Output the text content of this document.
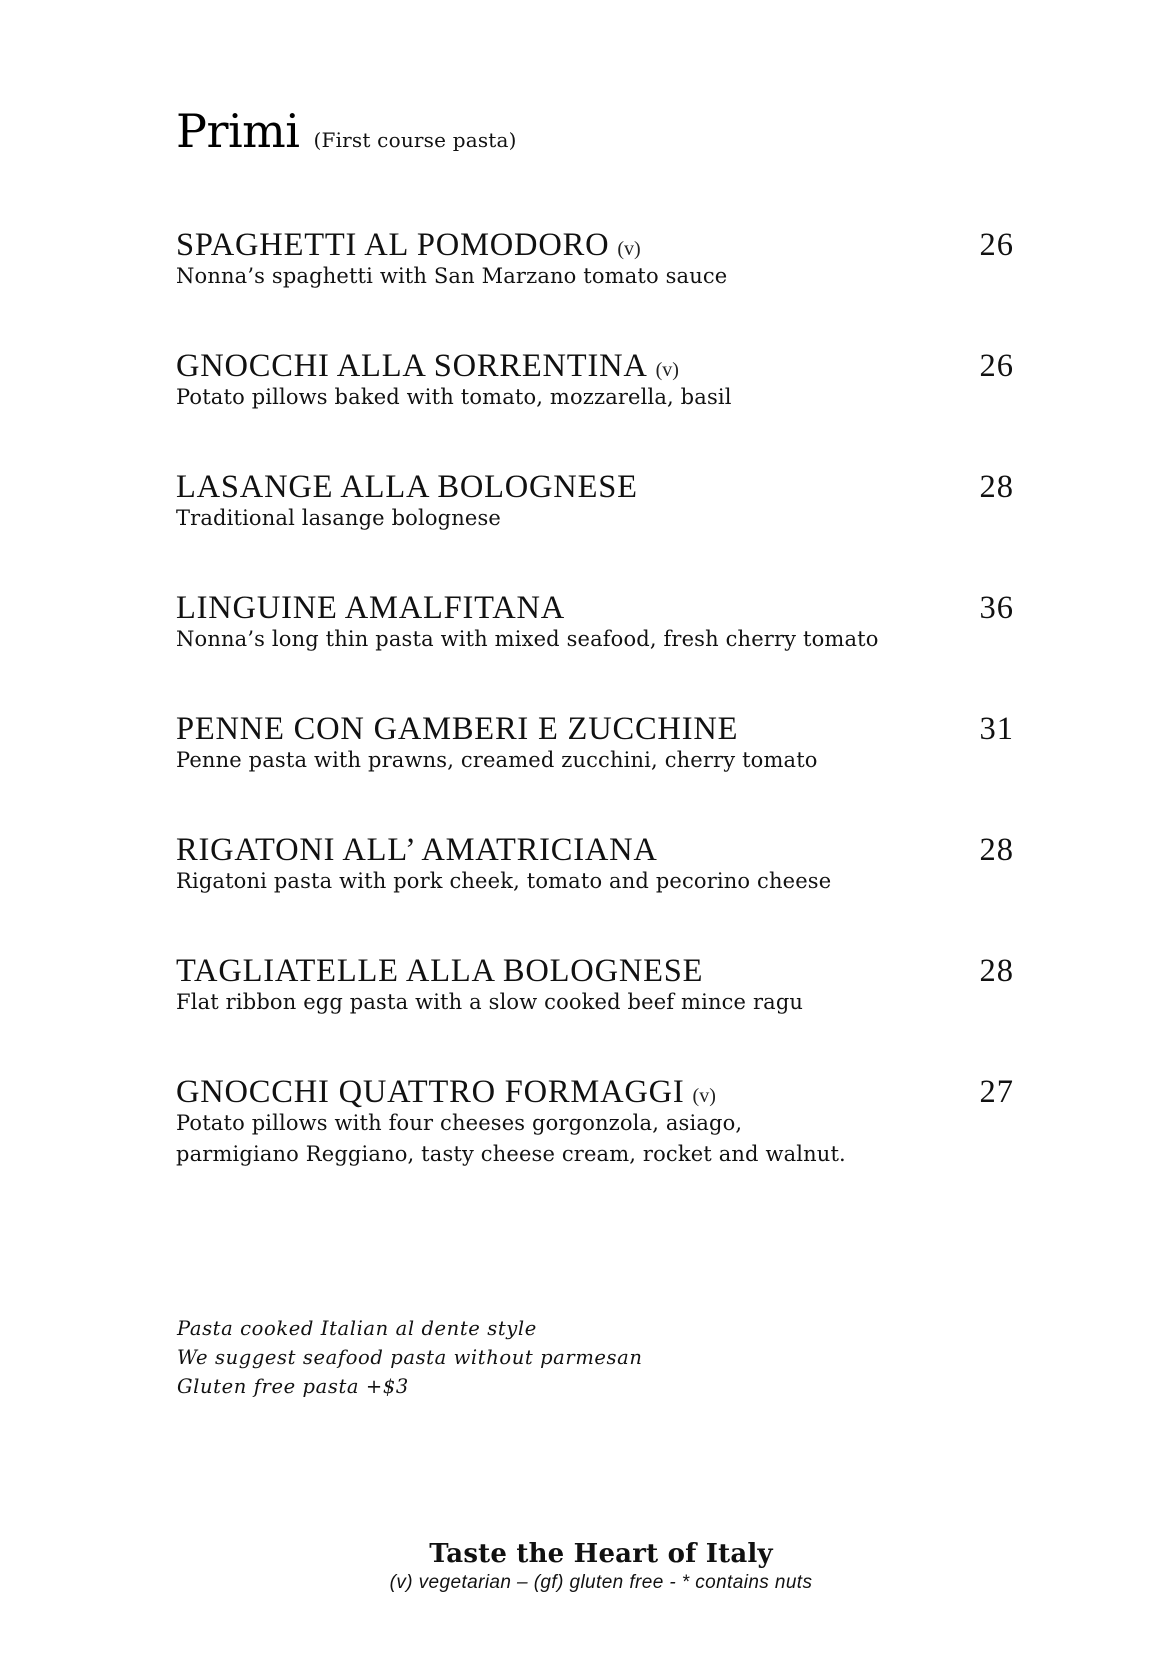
Primi (First course pasta)
SPAGHETTI AL POMODORO (v)	26
Nonna’s spaghetti with San Marzano tomato sauce
GNOCCHI ALLA SORRENTINA (v)	26
Potato pillows baked with tomato, mozzarella, basil
LASANGE ALLA BOLOGNESE	28
Traditional lasange bolognese
LINGUINE AMALFITANA	36
Nonna’s long thin pasta with mixed seafood, fresh cherry tomato
PENNE CON GAMBERI E ZUCCHINE	31
Penne pasta with prawns, creamed zucchini, cherry tomato
RIGATONI ALL’ AMATRICIANA	28
Rigatoni pasta with pork cheek, tomato and pecorino cheese
TAGLIATELLE ALLA BOLOGNESE	28
Flat ribbon egg pasta with a slow cooked beef mince ragu
GNOCCHI QUATTRO FORMAGGI (v)	27
Potato pillows with four cheeses gorgonzola, asiago,
parmigiano Reggiano, tasty cheese cream, rocket and walnut.
Pasta cooked Italian al dente style
We suggest seafood pasta without parmesan
Gluten free pasta +$3
Taste the Heart of Italy
(v) vegetarian – (gf) gluten free - * contains nuts
